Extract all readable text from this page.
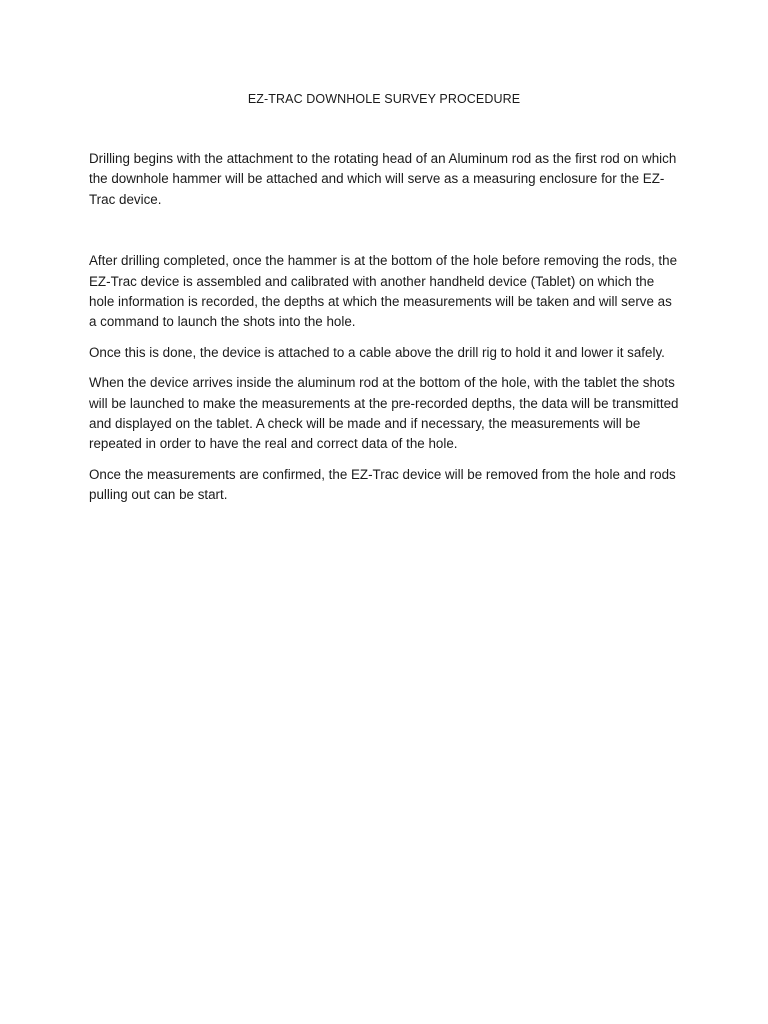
EZ-TRAC DOWNHOLE SURVEY PROCEDURE

Drilling begins with the attachment to the rotating head of an Aluminum rod as the first rod on which the downhole hammer will be attached and which will serve as a measuring enclosure for the EZ-Trac device.

After drilling completed, once the hammer is at the bottom of the hole before removing the rods, the EZ-Trac device is assembled and calibrated with another handheld device (Tablet) on which the hole information is recorded, the depths at which the measurements will be taken and will serve as a command to launch the shots into the hole.

Once this is done, the device is attached to a cable above the drill rig to hold it and lower it safely.

When the device arrives inside the aluminum rod at the bottom of the hole, with the tablet the shots will be launched to make the measurements at the pre-recorded depths, the data will be transmitted and displayed on the tablet. A check will be made and if necessary, the measurements will be repeated in order to have the real and correct data of the hole.

Once the measurements are confirmed, the EZ-Trac device will be removed from the hole and rods pulling out can be start.
